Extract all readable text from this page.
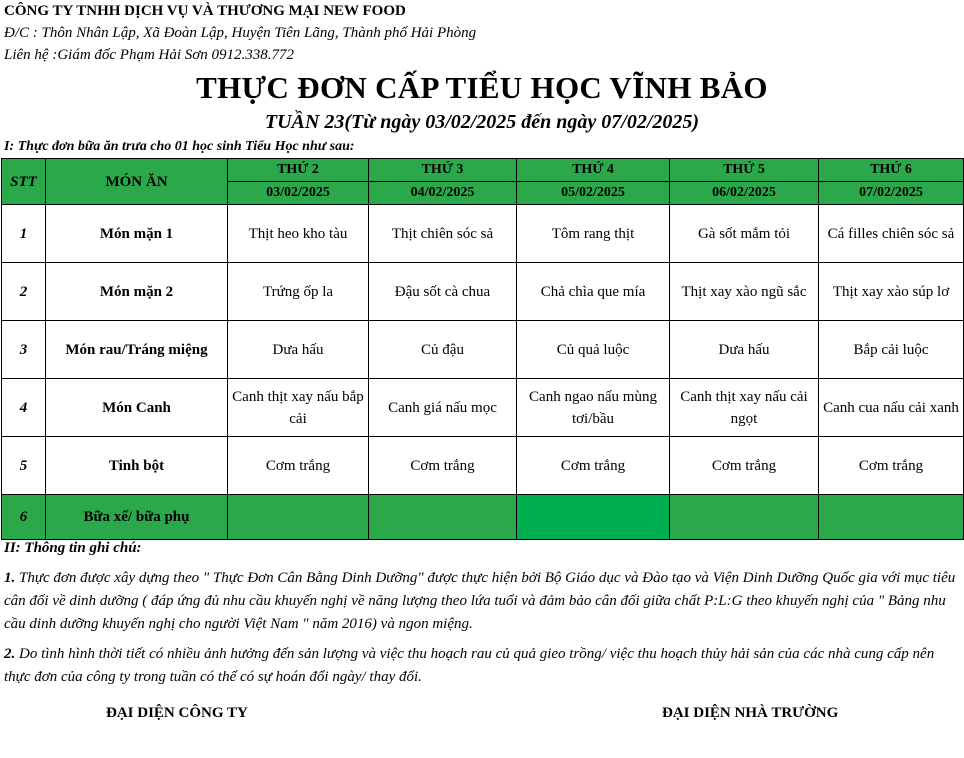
CÔNG TY TNHH DỊCH VỤ VÀ THƯƠNG MẠI NEW FOOD
Đ/C : Thôn Nhân Lập, Xã Đoàn Lập, Huyện Tiên Lãng, Thành phố Hải Phòng
Liên hệ :Giám đốc Phạm Hải Sơn 0912.338.772
THỰC ĐƠN CẤP TIỂU HỌC VĨNH BẢO
TUẦN 23(Từ ngày 03/02/2025 đến ngày 07/02/2025)
I: Thực đơn bữa ăn trưa cho 01 học sinh Tiểu Học như sau:
STT	MÓN ĂN	THỨ 2	THỨ 3	THỨ 4	THỨ 5	THỨ 6
		03/02/2025	04/02/2025	05/02/2025	06/02/2025	07/02/2025
1	Món mặn 1	Thịt heo kho tàu	Thịt chiên sóc sả	Tôm rang thịt	Gà sốt mắm tỏi	Cá filles chiên sóc sả
2	Món mặn 2	Trứng ốp la	Đậu sốt cà chua	Chả chìa que mía	Thịt xay xào ngũ sắc	Thịt xay xào súp lơ
3	Món rau/Tráng miệng	Dưa hấu	Củ đậu	Củ quả luộc	Dưa hấu	Bắp cải luộc
4	Món Canh	Canh thịt xay nấu bắp cải	Canh giá nấu mọc	Canh ngao nấu mùng tơi/bầu	Canh thịt xay nấu cải ngọt	Canh cua nấu cải xanh
5	Tinh bột	Cơm trắng	Cơm trắng	Cơm trắng	Cơm trắng	Cơm trắng
6	Bữa xế/ bữa phụ					
II: Thông tin ghi chú:
1. Thực đơn được xây dựng theo " Thực Đơn Cân Bằng Dinh Dưỡng" được thực hiện bởi Bộ Giáo dục và Đào tạo và Viện Dinh Dưỡng Quốc gia với mục tiêu cân đối về dinh dưỡng ( đáp ứng đủ nhu cầu khuyến nghị về năng lượng theo lứa tuổi và đảm bảo cân đối giữa chất P:L:G theo khuyến nghị của " Bảng nhu cầu dinh dưỡng khuyến nghị cho người Việt Nam " năm 2016) và ngon miệng.
2. Do tình hình thời tiết có nhiều ảnh hưởng đến sản lượng và việc thu hoạch rau củ quả gieo trồng/ việc thu hoạch thủy hải sản của các nhà cung cấp nên thực đơn của công ty trong tuần có thể có sự hoán đổi ngày/ thay đổi.
ĐẠI DIỆN CÔNG TY	ĐẠI DIỆN NHÀ TRƯỜNG
